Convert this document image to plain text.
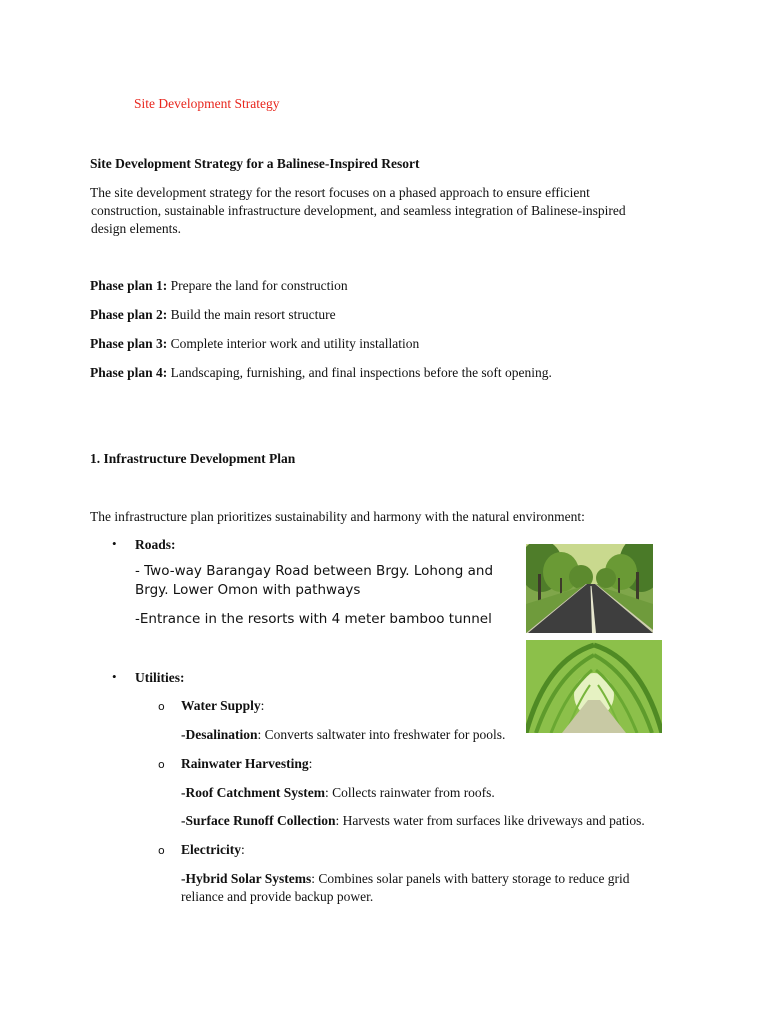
Site Development Strategy
Site Development Strategy for a Balinese-Inspired Resort
The site development strategy for the resort focuses on a phased approach to ensure efficient
construction, sustainable infrastructure development, and seamless integration of Balinese-inspired
design elements.
Phase plan 1: Prepare the land for construction
Phase plan 2: Build the main resort structure
Phase plan 3: Complete interior work and utility installation
Phase plan 4: Landscaping, furnishing, and final inspections before the soft opening.
1. Infrastructure Development Plan
The infrastructure plan prioritizes sustainability and harmony with the natural environment:
• Roads:
- Two-way Barangay Road between Brgy. Lohong and
Brgy. Lower Omon with pathways
-Entrance in the resorts with 4 meter bamboo tunnel
• Utilities:
o Water Supply:
-Desalination: Converts saltwater into freshwater for pools.
o Rainwater Harvesting:
-Roof Catchment System: Collects rainwater from roofs.
-Surface Runoff Collection: Harvests water from surfaces like driveways and patios.
o Electricity:
-Hybrid Solar Systems: Combines solar panels with battery storage to reduce grid
reliance and provide backup power.
